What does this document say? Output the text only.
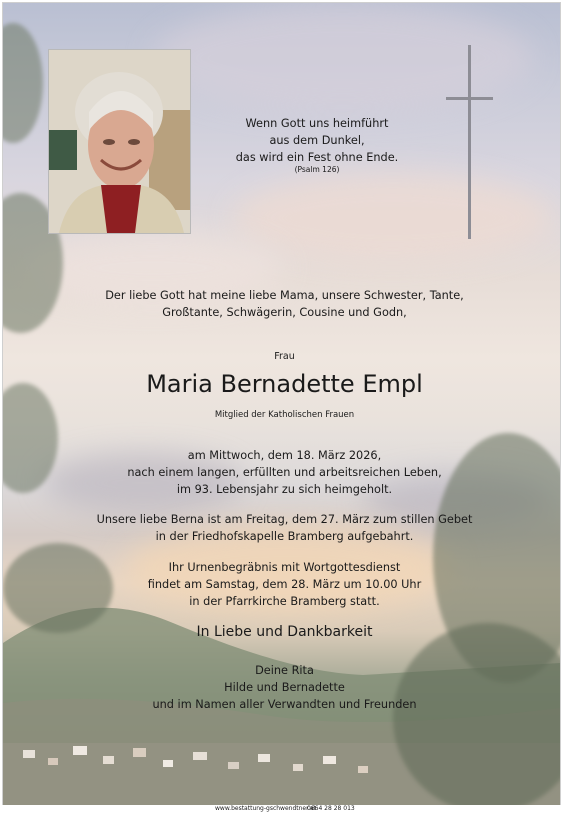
Wenn Gott uns heimführt
aus dem Dunkel,
das wird ein Fest ohne Ende.
(Psalm 126)
Der liebe Gott hat meine liebe Mama, unsere Schwester, Tante,
Großtante, Schwägerin, Cousine und Godn,
Frau
Maria Bernadette Empl
Mitglied der Katholischen Frauen
am Mittwoch, dem 18. März 2026,
nach einem langen, erfüllten und arbeitsreichen Leben,
im 93. Lebensjahr zu sich heimgeholt.
Unsere liebe Berna ist am Freitag, dem 27. März zum stillen Gebet
in der Friedhofskapelle Bramberg aufgebahrt.
Ihr Urnenbegräbnis mit Wortgottesdienst
findet am Samstag, dem 28. März um 10.00 Uhr
in der Pfarrkirche Bramberg statt.
In Liebe und Dankbarkeit
Deine Rita
Hilde und Bernadette
und im Namen aller Verwandten und Freunden
www.bestattung-gschwendtner.at
0664 28 28 013
